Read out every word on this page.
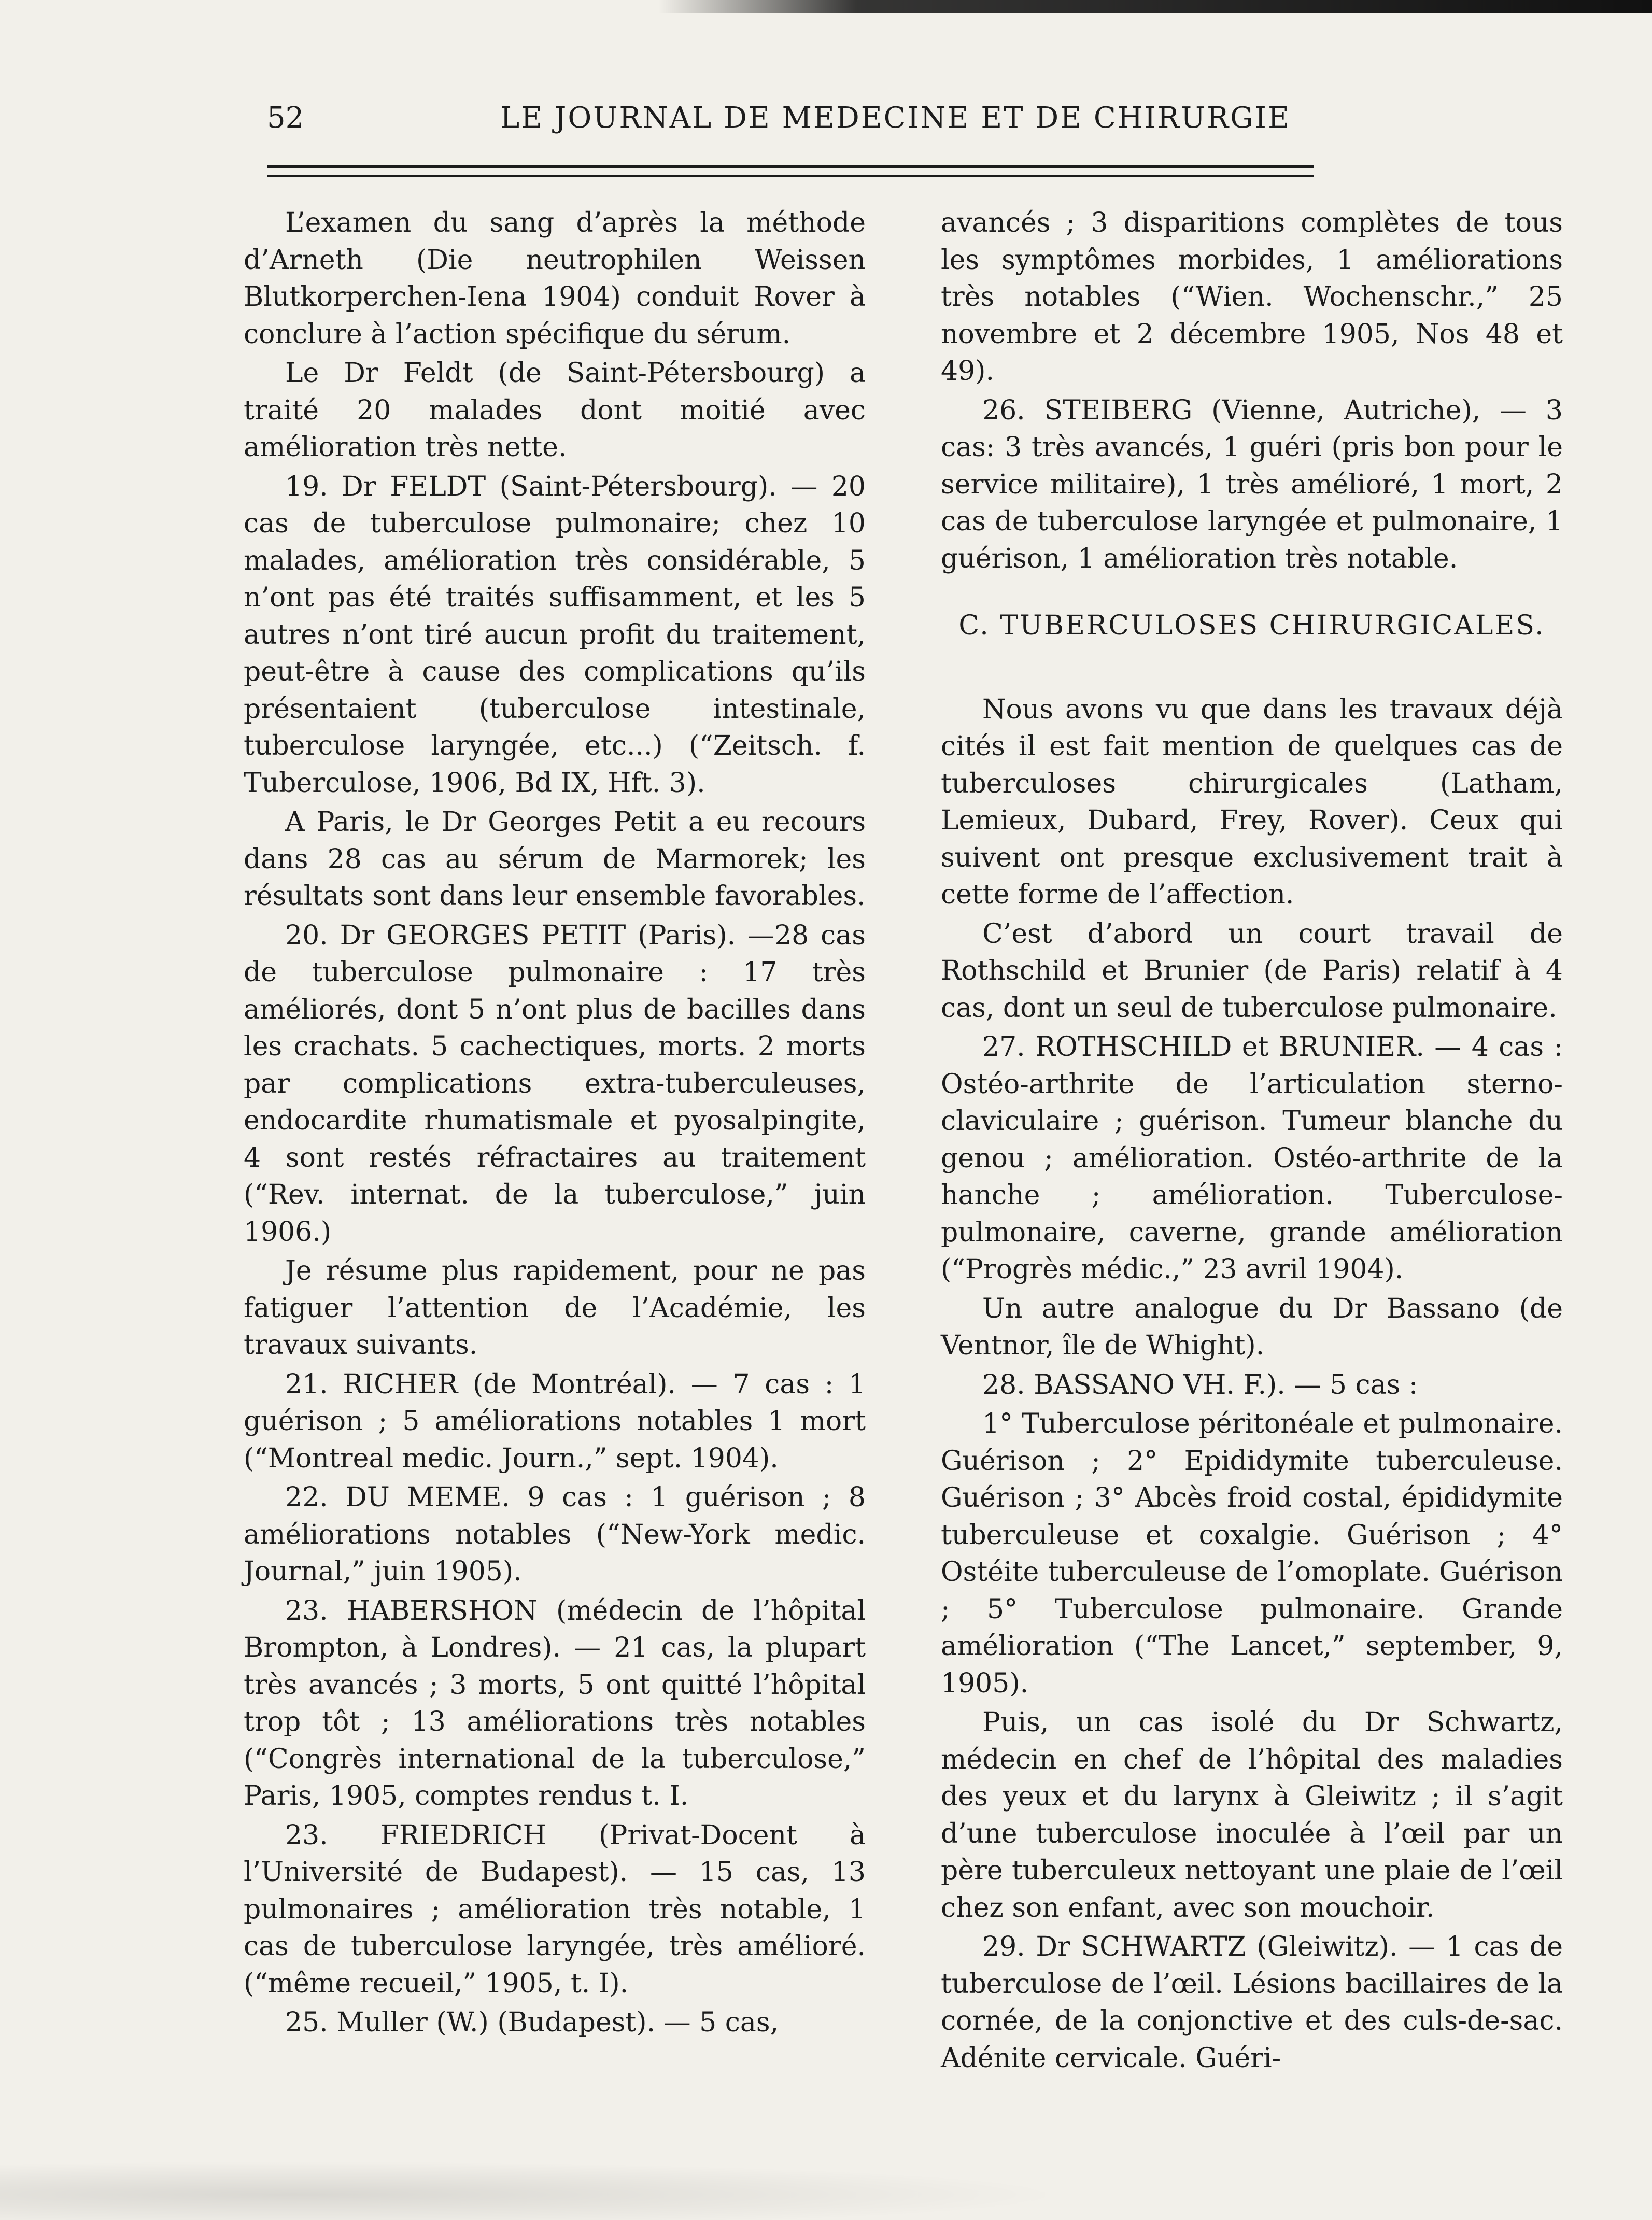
52	LE JOURNAL DE MEDECINE ET DE CHIRURGIE

L’examen du sang d’après la méthode d’Arneth (Die neutrophilen Weissen Blutkorperchen-Iena 1904) conduit Rover à conclure à l’action spécifique du sérum.

Le Dr Feldt (de Saint-Pétersbourg) a traité 20 malades dont moitié avec amélioration très nette.

19. Dr FELDT (Saint-Pétersbourg). — 20 cas de tuberculose pulmonaire; chez 10 malades, amélioration très considérable, 5 n’ont pas été traités suffisamment, et les 5 autres n’ont tiré aucun profit du traitement, peut-être à cause des complications qu’ils présentaient (tuberculose intestinale, tuberculose laryngée, etc...) (“Zeitsch. f. Tuberculose, 1906, Bd IX, Hft. 3).

A Paris, le Dr Georges Petit a eu recours dans 28 cas au sérum de Marmorek; les résultats sont dans leur ensemble favorables.

20. Dr GEORGES PETIT (Paris). —28 cas de tuberculose pulmonaire : 17 très améliorés, dont 5 n’ont plus de bacilles dans les crachats. 5 cachectiques, morts. 2 morts par complications extra-tuberculeuses, endocardite rhumatismale et pyosalpingite, 4 sont restés réfractaires au traitement (“Rev. internat. de la tuberculose,” juin 1906.)

Je résume plus rapidement, pour ne pas fatiguer l’attention de l’Académie, les travaux suivants.

21. RICHER (de Montréal). — 7 cas : 1 guérison ; 5 améliorations notables 1 mort (“Montreal medic. Journ.,” sept. 1904).

22. DU MEME. 9 cas : 1 guérison ; 8 améliorations notables (“New-York medic. Journal,” juin 1905).

23. HABERSHON (médecin de l’hôpital Brompton, à Londres). — 21 cas, la plupart très avancés ; 3 morts, 5 ont quitté l’hôpital trop tôt ; 13 améliorations très notables (“Congrès international de la tuberculose,” Paris, 1905, comptes rendus t. I.

23. FRIEDRICH (Privat-Docent à l’Université de Budapest). — 15 cas, 13 pulmonaires ; amélioration très notable, 1 cas de tuberculose laryngée, très amélioré. (“même recueil,” 1905, t. I).

25. Muller (W.) (Budapest). — 5 cas,

avancés ; 3 disparitions complètes de tous les symptômes morbides, 1 améliorations très notables (“Wien. Wochenschr.,” 25 novembre et 2 décembre 1905, Nos 48 et 49).

26. STEIBERG (Vienne, Autriche), — 3 cas: 3 très avancés, 1 guéri (pris bon pour le service militaire), 1 très amélioré, 1 mort, 2 cas de tuberculose laryngée et pulmonaire, 1 guérison, 1 amélioration très notable.

C. TUBERCULOSES CHIRURGICALES.

Nous avons vu que dans les travaux déjà cités il est fait mention de quelques cas de tuberculoses chirurgicales (Latham, Lemieux, Dubard, Frey, Rover). Ceux qui suivent ont presque exclusivement trait à cette forme de l’affection.

C’est d’abord un court travail de Rothschild et Brunier (de Paris) relatif à 4 cas, dont un seul de tuberculose pulmonaire.

27. ROTHSCHILD et BRUNIER. — 4 cas : Ostéo-arthrite de l’articulation sterno-claviculaire ; guérison. Tumeur blanche du genou ; amélioration. Ostéo-arthrite de la hanche ; amélioration. Tuberculose-pulmonaire, caverne, grande amélioration (“Progrès médic.,” 23 avril 1904).

Un autre analogue du Dr Bassano (de Ventnor, île de Whight).

28. BASSANO VH. F.). — 5 cas :

1° Tuberculose péritonéale et pulmonaire. Guérison ; 2° Epididymite tuberculeuse. Guérison ; 3° Abcès froid costal, épididymite tuberculeuse et coxalgie. Guérison ; 4° Ostéite tuberculeuse de l’omoplate. Guérison ; 5° Tuberculose pulmonaire. Grande amélioration (“The Lancet,” september, 9, 1905).

Puis, un cas isolé du Dr Schwartz, médecin en chef de l’hôpital des maladies des yeux et du larynx à Gleiwitz ; il s’agit d’une tuberculose inoculée à l’œil par un père tuberculeux nettoyant une plaie de l’œil chez son enfant, avec son mouchoir.

29. Dr SCHWARTZ (Gleiwitz). — 1 cas de tuberculose de l’œil. Lésions bacillaires de la cornée, de la conjonctive et des culs-de-sac. Adénite cervicale. Guéri-
